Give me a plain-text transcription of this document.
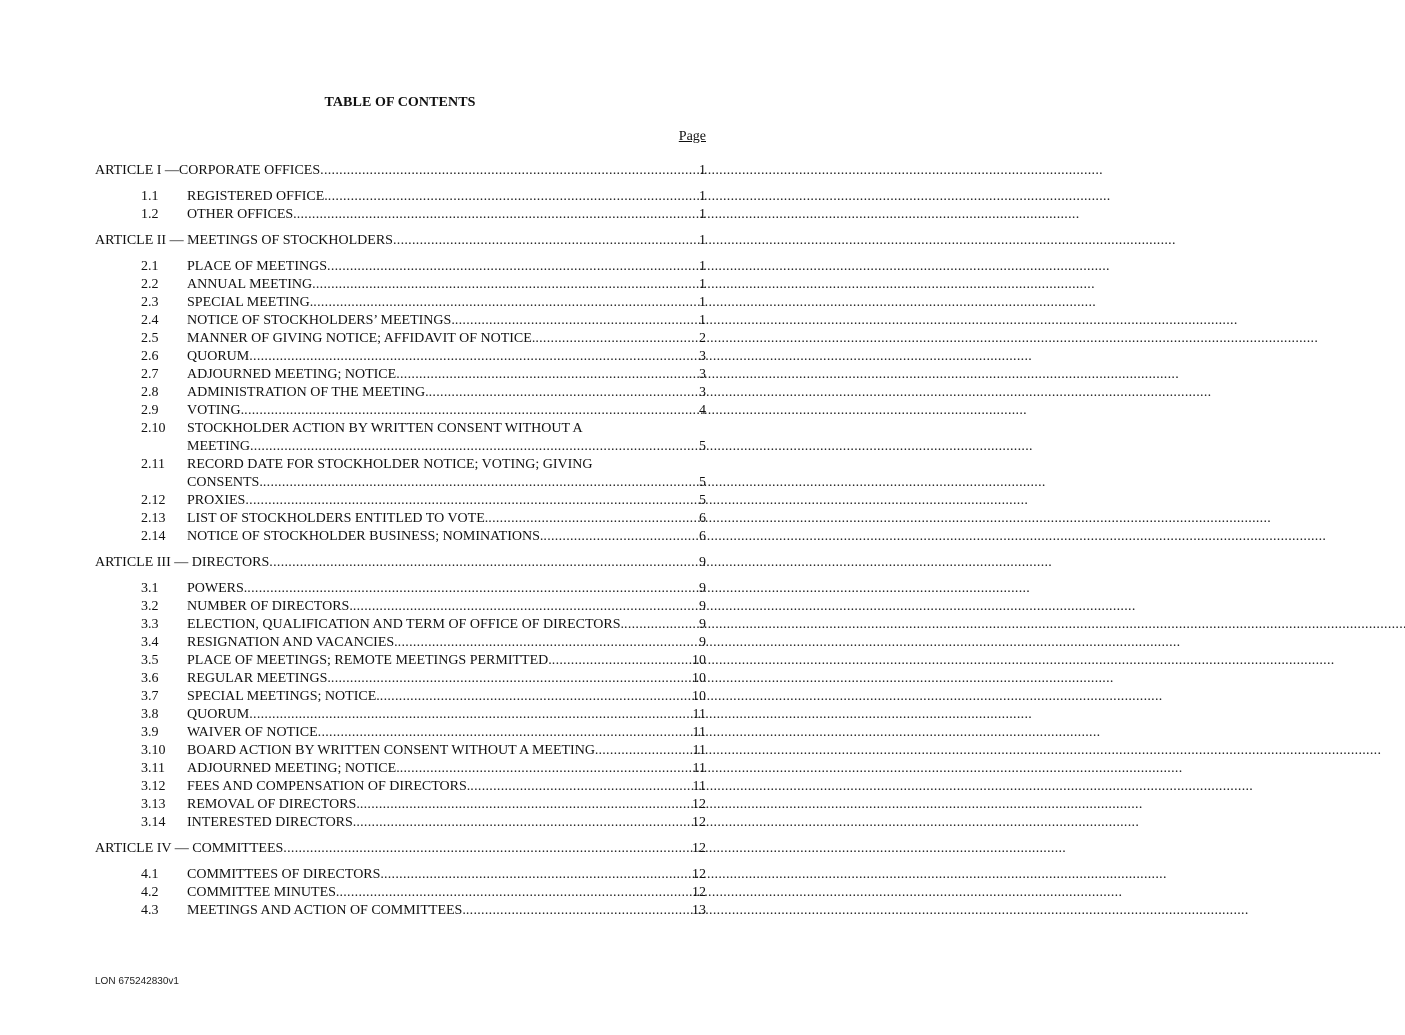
TABLE OF CONTENTS
Page
ARTICLE I —CORPORATE OFFICES . . .	1
1.1	REGISTERED OFFICE. . . .	1
1.2	OTHER OFFICES. . . .	1
ARTICLE II — MEETINGS OF STOCKHOLDERS . . .	1
2.1	PLACE OF MEETINGS . . .	1
2.2	ANNUAL MEETING . . .	1
2.3	SPECIAL MEETING. . . .	1
2.4	NOTICE OF STOCKHOLDERS’ MEETINGS. . . .	1
2.5	MANNER OF GIVING NOTICE; AFFIDAVIT OF NOTICE. . . .	2
2.6	QUORUM . . .	3
2.7	ADJOURNED MEETING; NOTICE . . .	3
2.8	ADMINISTRATION OF THE MEETING. . . .	3
2.9	VOTING. . . .	4
2.10	STOCKHOLDER ACTION BY WRITTEN CONSENT WITHOUT A
MEETING . . .	5
2.11	RECORD DATE FOR STOCKHOLDER NOTICE; VOTING; GIVING
CONSENTS. . . .	5
2.12	PROXIES . . .	5
2.13	LIST OF STOCKHOLDERS ENTITLED TO VOTE. . . .	6
2.14	NOTICE OF STOCKHOLDER BUSINESS; NOMINATIONS. . . .	6
ARTICLE III — DIRECTORS . . .	9
3.1	POWERS. . . .	9
3.2	NUMBER OF DIRECTORS. . . .	9
3.3	ELECTION, QUALIFICATION AND TERM OF OFFICE OF DIRECTORS. . . .	9
3.4	RESIGNATION AND VACANCIES. . . .	9
3.5	PLACE OF MEETINGS; REMOTE MEETINGS PERMITTED. . . .	10
3.6	REGULAR MEETINGS. . . .	10
3.7	SPECIAL MEETINGS; NOTICE. . . .	10
3.8	QUORUM . . .	11
3.9	WAIVER OF NOTICE . . .	11
3.10	BOARD ACTION BY WRITTEN CONSENT WITHOUT A MEETING. . . .	11
3.11	ADJOURNED MEETING; NOTICE. . . .	11
3.12	FEES AND COMPENSATION OF DIRECTORS. . . .	11
3.13	REMOVAL OF DIRECTORS. . . .	12
3.14	INTERESTED DIRECTORS. . . .	12
ARTICLE IV — COMMITTEES . . .	12
4.1	COMMITTEES OF DIRECTORS. . . .	12
4.2	COMMITTEE MINUTES. . . .	12
4.3	MEETINGS AND ACTION OF COMMITTEES. . . .	13
LON 675242830v1
